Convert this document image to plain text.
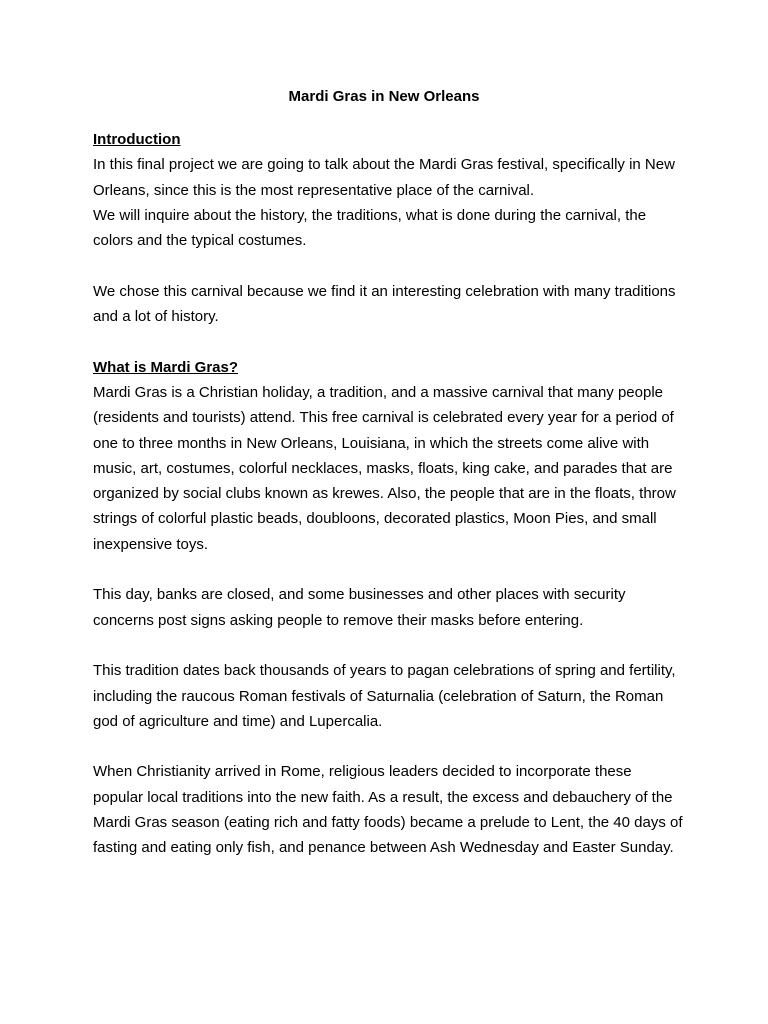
Mardi Gras in New Orleans

Introduction

In this final project we are going to talk about the Mardi Gras festival, specifically in New Orleans, since this is the most representative place of the carnival.

We will inquire about the history, the traditions, what is done during the carnival, the colors and the typical costumes.

We chose this carnival because we find it an interesting celebration with many traditions and a lot of history.

What is Mardi Gras?

Mardi Gras is a Christian holiday, a tradition, and a massive carnival that many people (residents and tourists) attend. This free carnival is celebrated every year for a period of one to three months in New Orleans, Louisiana, in which the streets come alive with music, art, costumes, colorful necklaces, masks, floats, king cake, and parades that are organized by social clubs known as krewes. Also, the people that are in the floats, throw strings of colorful plastic beads, doubloons, decorated plastics, Moon Pies, and small inexpensive toys.

This day, banks are closed, and some businesses and other places with security concerns post signs asking people to remove their masks before entering.

This tradition dates back thousands of years to pagan celebrations of spring and fertility, including the raucous Roman festivals of Saturnalia (celebration of Saturn, the Roman god of agriculture and time) and Lupercalia.

When Christianity arrived in Rome, religious leaders decided to incorporate these popular local traditions into the new faith. As a result, the excess and debauchery of the Mardi Gras season (eating rich and fatty foods) became a prelude to Lent, the 40 days of fasting and eating only fish, and penance between Ash Wednesday and Easter Sunday.
